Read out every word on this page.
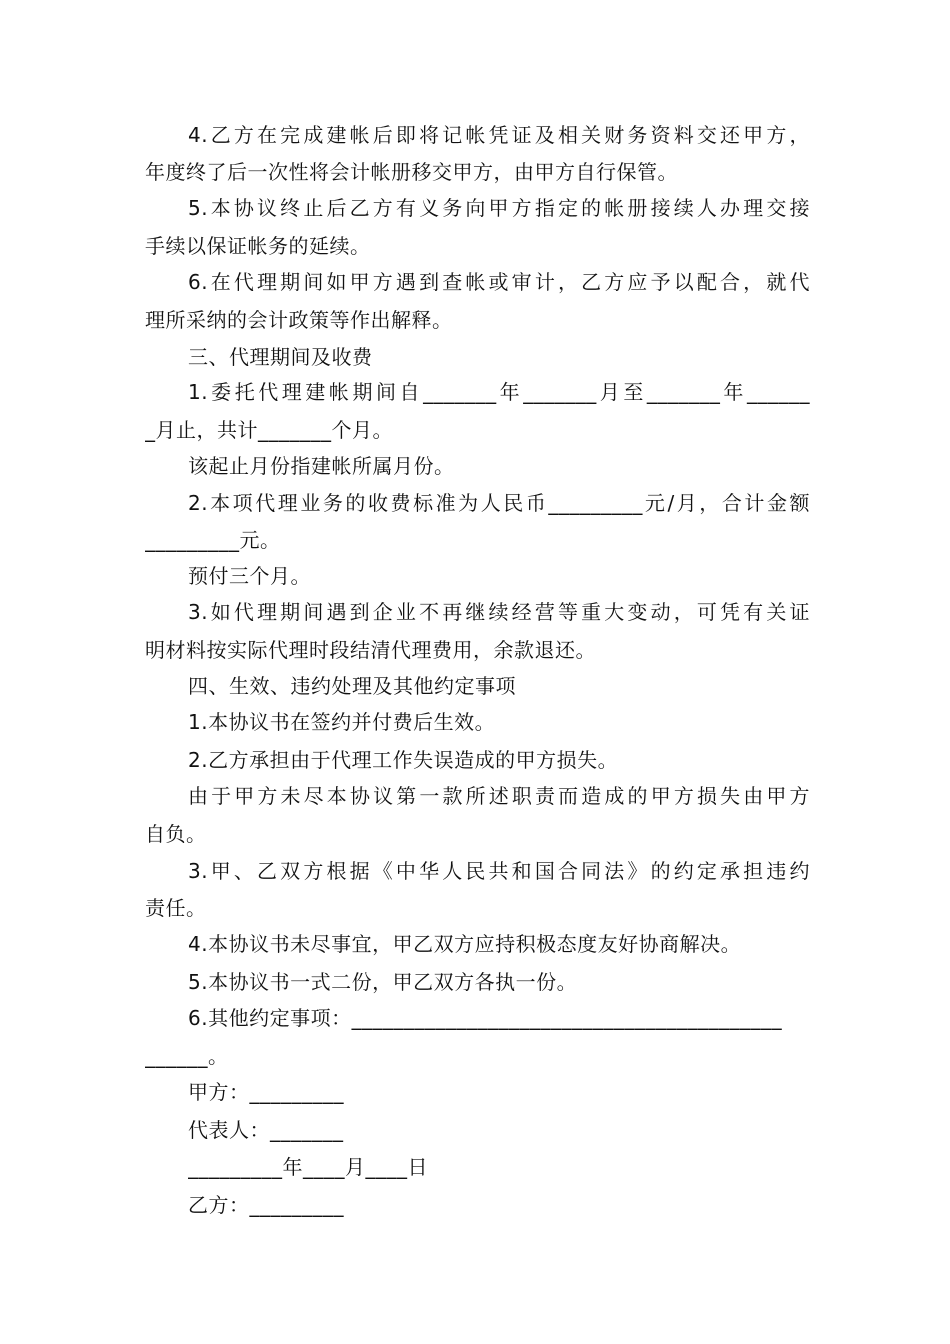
4.乙方在完成建帐后即将记帐凭证及相关财务资料交还甲方，
年度终了后一次性将会计帐册移交甲方，由甲方自行保管。
5.本协议终止后乙方有义务向甲方指定的帐册接续人办理交接
手续以保证帐务的延续。
6.在代理期间如甲方遇到查帐或审计，乙方应予以配合，就代
理所采纳的会计政策等作出解释。
三、代理期间及收费
1.委托代理建帐期间自_______年_______月至_______年______
_月止，共计_______个月。
该起止月份指建帐所属月份。
2.本项代理业务的收费标准为人民币_________元/月，合计金额
_________元。
预付三个月。
3.如代理期间遇到企业不再继续经营等重大变动，可凭有关证
明材料按实际代理时段结清代理费用，余款退还。
四、生效、违约处理及其他约定事项
1.本协议书在签约并付费后生效。
2.乙方承担由于代理工作失误造成的甲方损失。
由于甲方未尽本协议第一款所述职责而造成的甲方损失由甲方
自负。
3.甲、乙双方根据《中华人民共和国合同法》的约定承担违约
责任。
4.本协议书未尽事宜，甲乙双方应持积极态度友好协商解决。
5.本协议书一式二份，甲乙双方各执一份。
6.其他约定事项：_________________________________________
______。
甲方：_________
代表人：_______
_________年____月____日
乙方：_________
